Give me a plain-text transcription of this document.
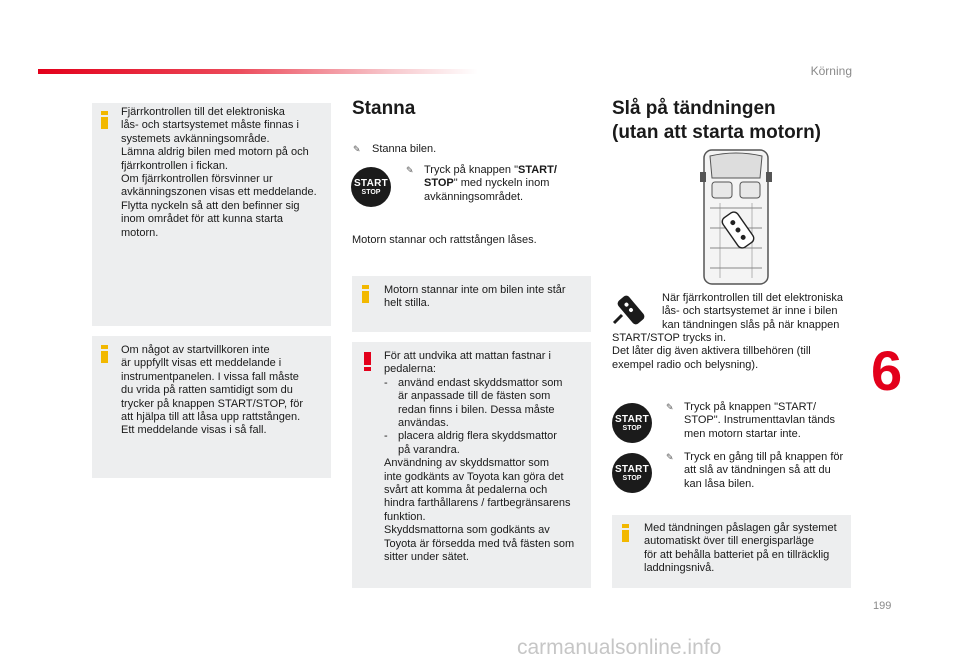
Körning
6
199
Fjärrkontrollen till det elektroniska
lås- och startsystemet måste finnas i
systemets avkänningsområde.
Lämna aldrig bilen med motorn på och
fjärrkontrollen i fickan.
Om fjärrkontrollen försvinner ur
avkänningszonen visas ett meddelande.
Flytta nyckeln så att den befinner sig
inom området för att kunna starta
motorn.
Om något av startvillkoren inte
är uppfyllt visas ett meddelande i
instrumentpanelen. I vissa fall måste
du vrida på ratten samtidigt som du
trycker på knappen START/STOP, för
att hjälpa till att låsa upp rattstången.
Ett meddelande visas i så fall.
Stanna
✎ Stanna bilen.
START
STOP
✎ Tryck på knappen "START/
STOP" med nyckeln inom
avkänningsområdet.
Motorn stannar och rattstången låses.
Motorn stannar inte om bilen inte står
helt stilla.
För att undvika att mattan fastnar i
pedalerna:
- använd endast skyddsmattor som
är anpassade till de fästen som
redan finns i bilen. Dessa måste
användas.
- placera aldrig flera skyddsmattor
på varandra.
Användning av skyddsmattor som
inte godkänts av Toyota kan göra det
svårt att komma åt pedalerna och
hindra farthållarens / fartbegränsarens
funktion.
Skyddsmattorna som godkänts av
Toyota är försedda med två fästen som
sitter under sätet.
Slå på tändningen
(utan att starta motorn)
När fjärrkontrollen till det elektroniska
lås- och startsystemet är inne i bilen
kan tändningen slås på när knappen
START/STOP trycks in.
Det låter dig även aktivera tillbehören (till
exempel radio och belysning).
START
STOP
✎ Tryck på knappen "START/
STOP". Instrumenttavlan tänds
men motorn startar inte.
START
STOP
✎ Tryck en gång till på knappen för
att slå av tändningen så att du
kan låsa bilen.
Med tändningen påslagen går systemet
automatiskt över till energisparläge
för att behålla batteriet på en tillräcklig
laddningsnivå.
carmanualsonline.info
